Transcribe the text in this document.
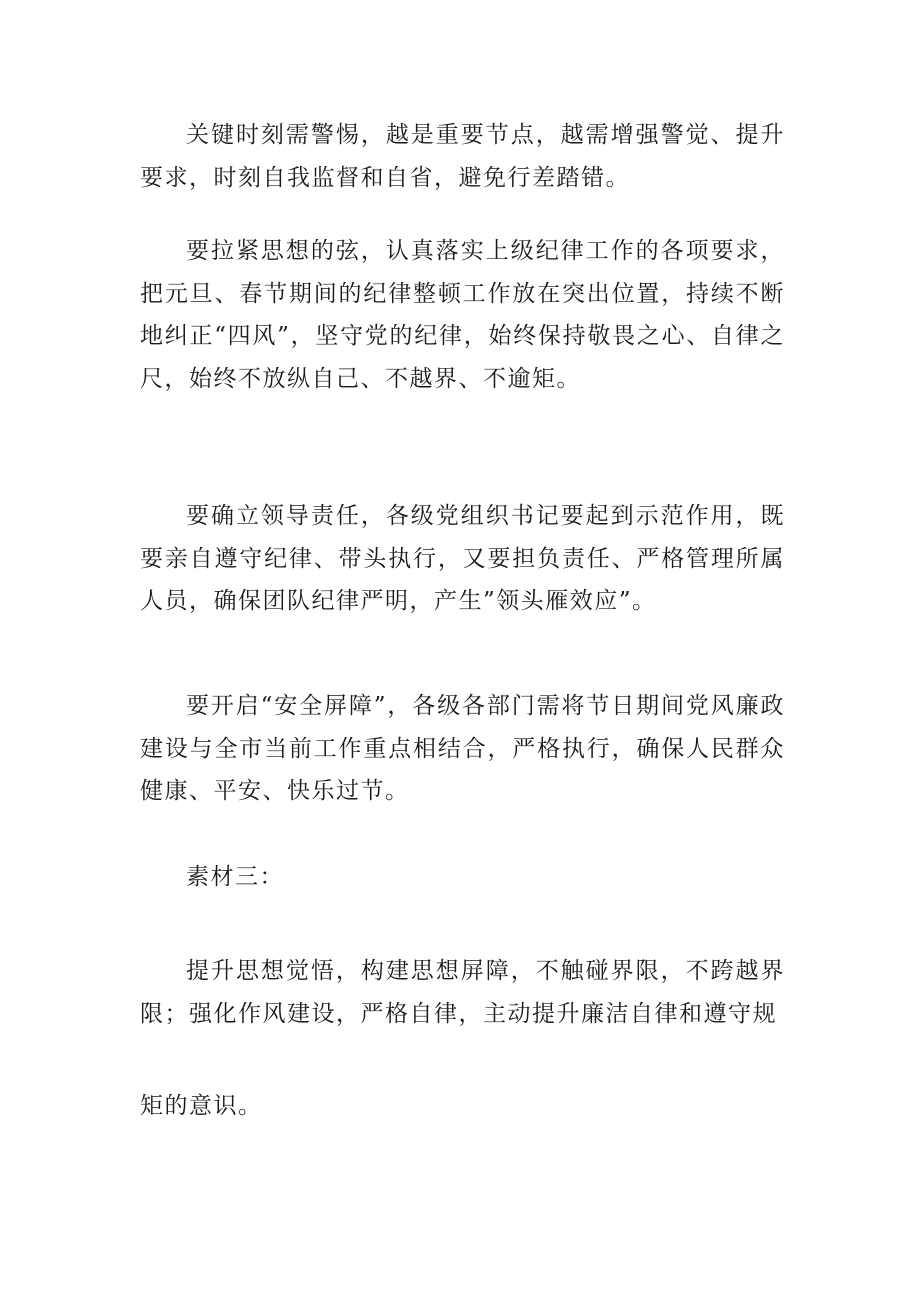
关键时刻需警惕，越是重要节点，越需增强警觉、提升要求，时刻自我监督和自省，避免行差踏错。

要拉紧思想的弦，认真落实上级纪律工作的各项要求，把元旦、春节期间的纪律整顿工作放在突出位置，持续不断地纠正“四风”，坚守党的纪律，始终保持敬畏之心、自律之尺，始终不放纵自己、不越界、不逾矩。

要确立领导责任，各级党组织书记要起到示范作用，既要亲自遵守纪律、带头执行，又要担负责任、严格管理所属人员，确保团队纪律严明，产生”领头雁效应”。

要开启“安全屏障”，各级各部门需将节日期间党风廉政建设与全市当前工作重点相结合，严格执行，确保人民群众健康、平安、快乐过节。

素材三：

提升思想觉悟，构建思想屏障，不触碰界限，不跨越界限；强化作风建设，严格自律，主动提升廉洁自律和遵守规

矩的意识。
